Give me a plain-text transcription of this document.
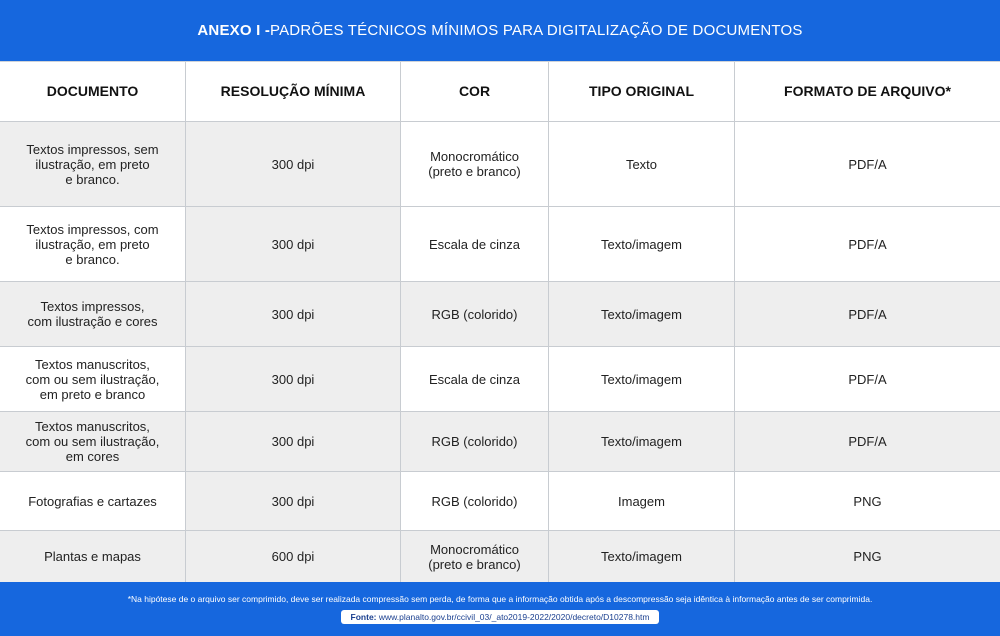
ANEXO I - PADRÕES TÉCNICOS MÍNIMOS PARA DIGITALIZAÇÃO DE DOCUMENTOS
DOCUMENTO	RESOLUÇÃO MÍNIMA	COR	TIPO ORIGINAL	FORMATO DE ARQUIVO*
Textos impressos, sem
ilustração, em preto
e branco.
300 dpi	Monocromático
(preto e branco)	Texto	PDF/A
Textos impressos, com
ilustração, em preto
e branco.
300 dpi	Escala de cinza	Texto/imagem	PDF/A
Textos impressos,
com ilustração e cores	300 dpi	RGB (colorido)	Texto/imagem	PDF/A
Textos manuscritos,
com ou sem ilustração,
em preto e branco
300 dpi	Escala de cinza	Texto/imagem	PDF/A
Textos manuscritos,
com ou sem ilustração,
em cores
300 dpi	RGB (colorido)	Texto/imagem	PDF/A
Fotografias e cartazes	300 dpi	RGB (colorido)	Imagem	PNG
Plantas e mapas	600 dpi	Monocromático
(preto e branco)	Texto/imagem	PNG
*Na hipótese de o arquivo ser comprimido, deve ser realizada compressão sem perda, de forma que a informação obtida após a descompressão seja idêntica à informação antes de ser comprimida.
Fonte: www.planalto.gov.br/ccivil_03/_ato2019-2022/2020/decreto/D10278.htm
